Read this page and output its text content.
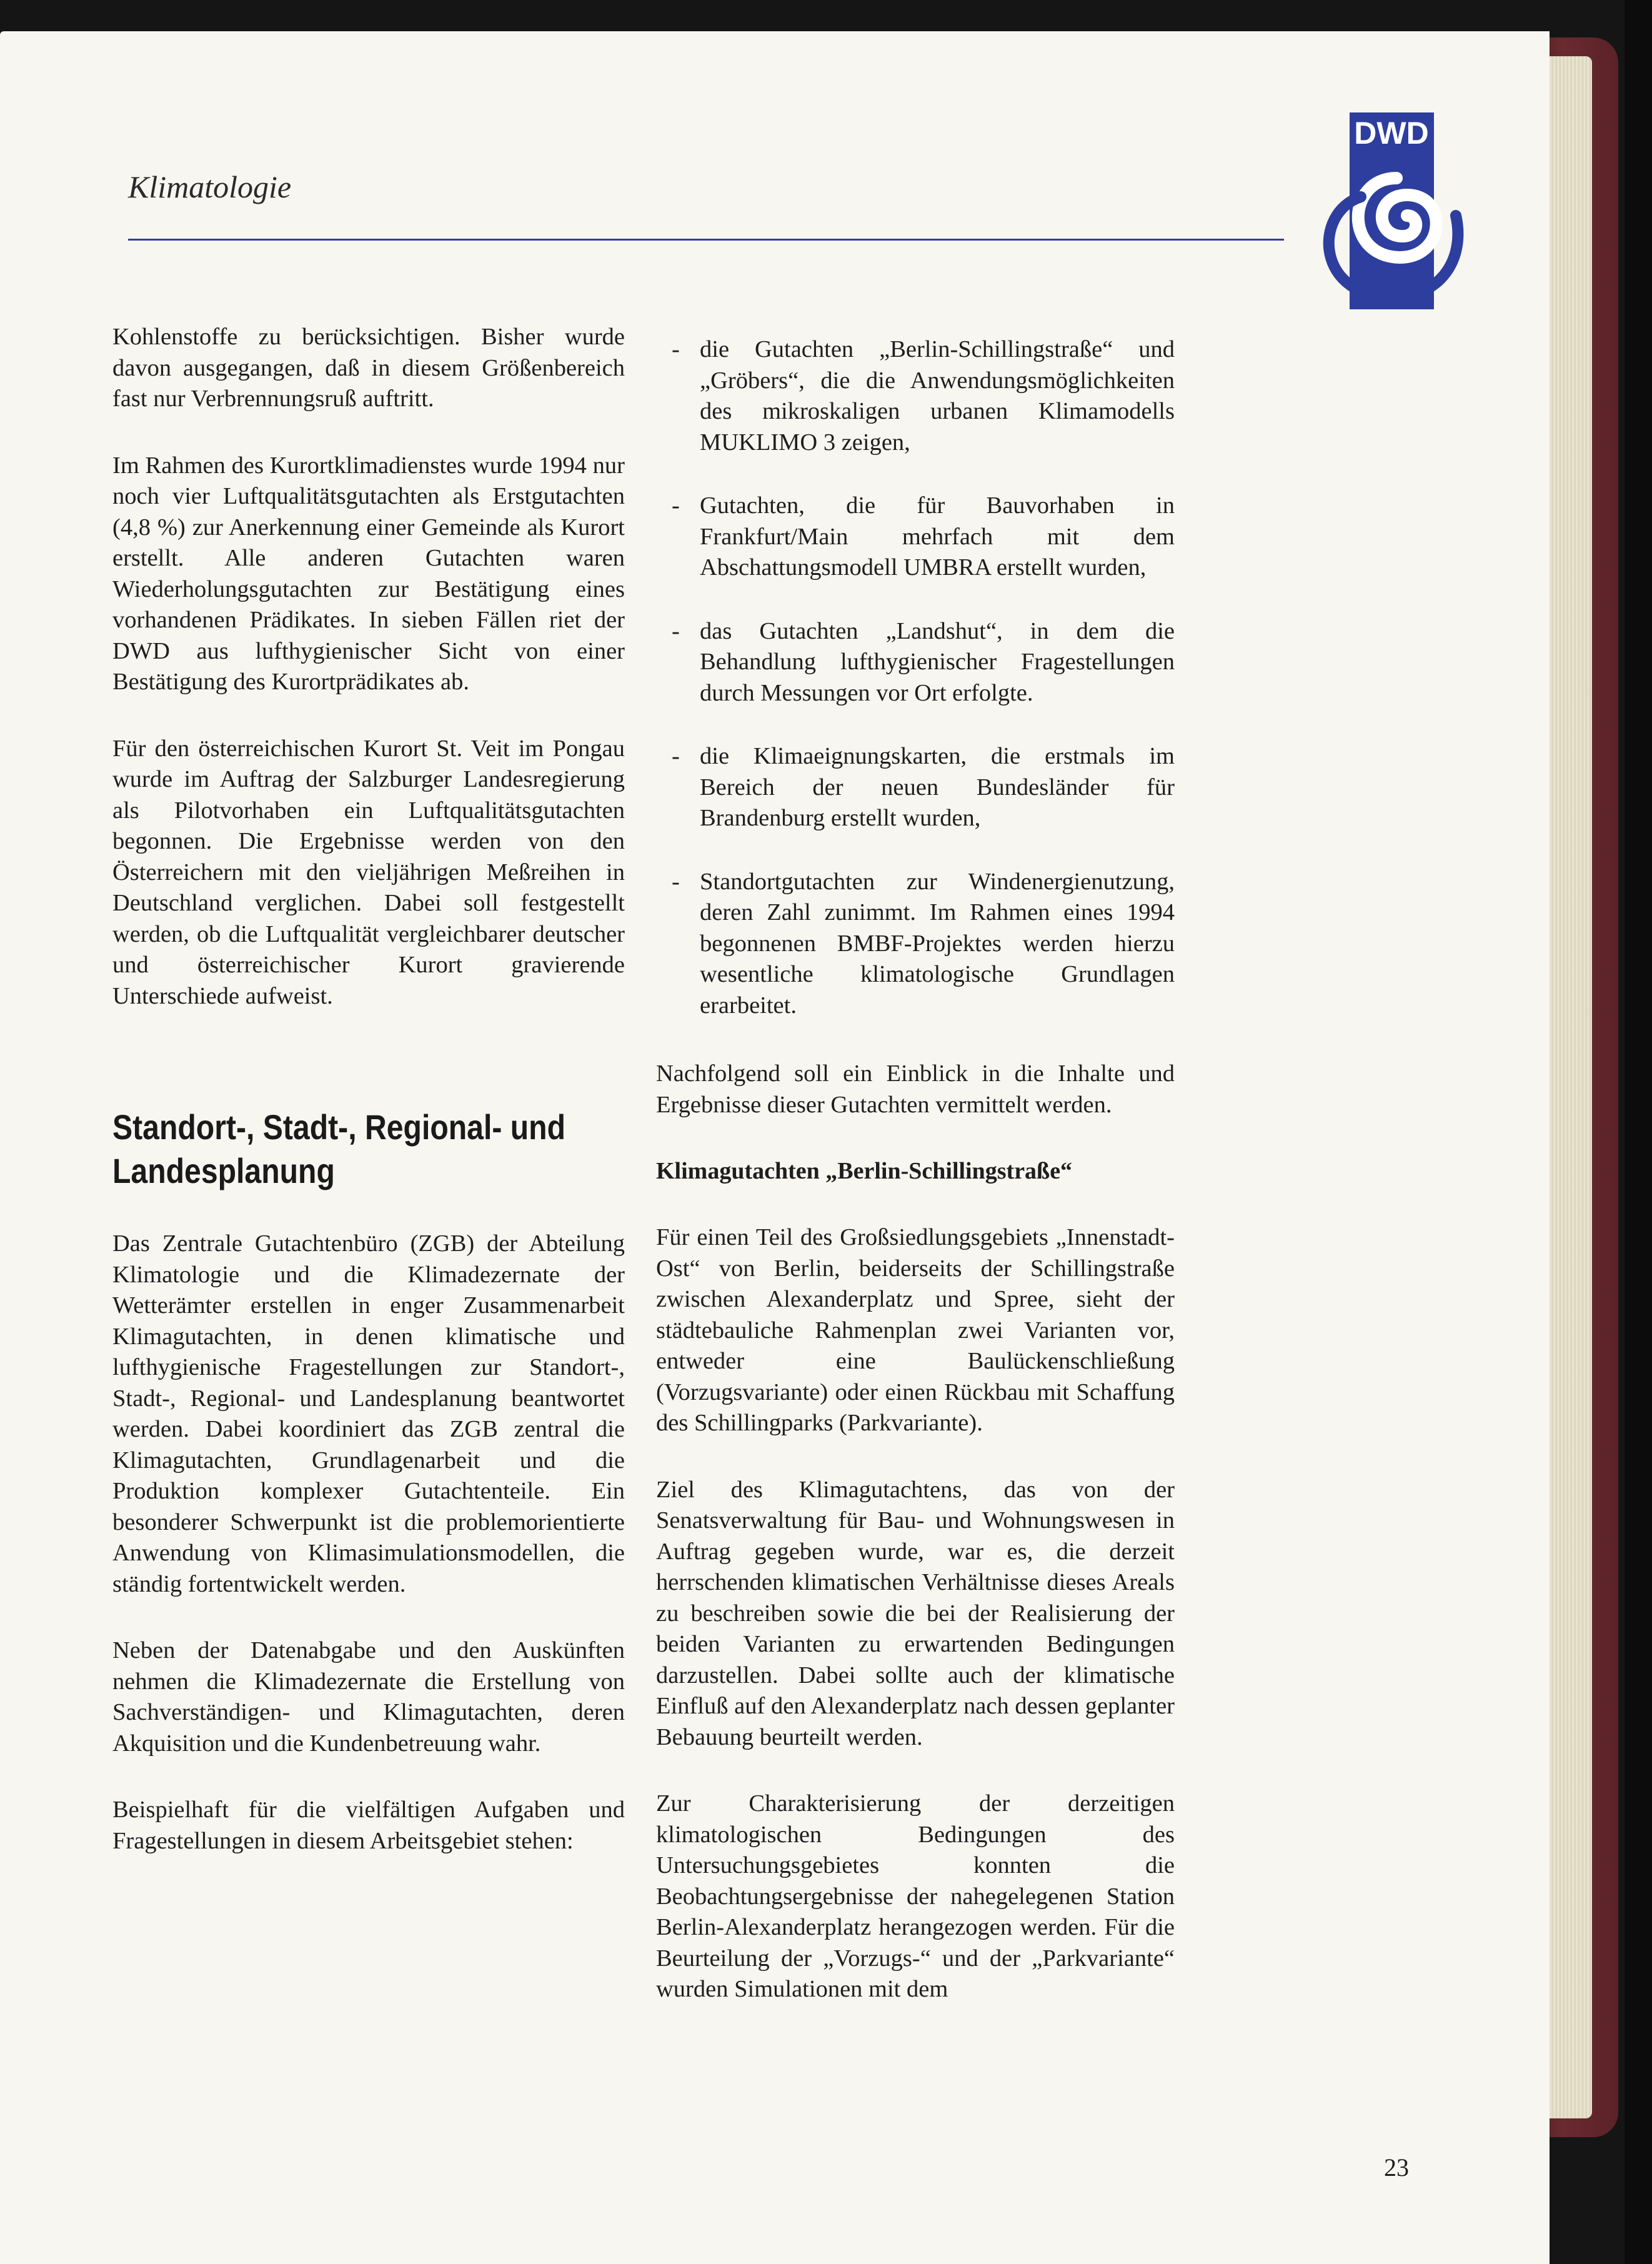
Klimatologie
DWD

Kohlenstoffe zu berücksichtigen. Bisher wurde davon ausgegangen, daß in diesem Größenbereich fast nur Verbrennungsruß auftritt.

Im Rahmen des Kurortklimadienstes wurde 1994 nur noch vier Luftqualitätsgutachten als Erstgutachten (4,8 %) zur Anerkennung einer Gemeinde als Kurort erstellt. Alle anderen Gutachten waren Wiederholungsgutachten zur Bestätigung eines vorhandenen Prädikates. In sieben Fällen riet der DWD aus lufthygienischer Sicht von einer Bestätigung des Kurortprädikates ab.

Für den österreichischen Kurort St. Veit im Pongau wurde im Auftrag der Salzburger Landesregierung als Pilotvorhaben ein Luftqualitätsgutachten begonnen. Die Ergebnisse werden von den Österreichern mit den vieljährigen Meßreihen in Deutschland verglichen. Dabei soll festgestellt werden, ob die Luftqualität vergleichbarer deutscher und österreichischer Kurort gravierende Unterschiede aufweist.

Standort-, Stadt-, Regional- und Landesplanung

Das Zentrale Gutachtenbüro (ZGB) der Abteilung Klimatologie und die Klimadezernate der Wetterämter erstellen in enger Zusammenarbeit Klimagutachten, in denen klimatische und lufthygienische Fragestellungen zur Standort-, Stadt-, Regional- und Landesplanung beantwortet werden. Dabei koordiniert das ZGB zentral die Klimagutachten, Grundlagenarbeit und die Produktion komplexer Gutachtenteile. Ein besonderer Schwerpunkt ist die problemorientierte Anwendung von Klimasimulationsmodellen, die ständig fortentwickelt werden.

Neben der Datenabgabe und den Auskünften nehmen die Klimadezernate die Erstellung von Sachverständigen- und Klimagutachten, deren Akquisition und die Kundenbetreuung wahr.

Beispielhaft für die vielfältigen Aufgaben und Fragestellungen in diesem Arbeitsgebiet stehen:

- die Gutachten „Berlin-Schillingstraße“ und „Gröbers“, die die Anwendungsmöglichkeiten des mikroskaligen urbanen Klimamodells MUKLIMO 3 zeigen,
- Gutachten, die für Bauvorhaben in Frankfurt/Main mehrfach mit dem Abschattungsmodell UMBRA erstellt wurden,
- das Gutachten „Landshut“, in dem die Behandlung lufthygienischer Fragestellungen durch Messungen vor Ort erfolgte.
- die Klimaeignungskarten, die erstmals im Bereich der neuen Bundesländer für Brandenburg erstellt wurden,
- Standortgutachten zur Windenergienutzung, deren Zahl zunimmt. Im Rahmen eines 1994 begonnenen BMBF-Projektes werden hierzu wesentliche klimatologische Grundlagen erarbeitet.

Nachfolgend soll ein Einblick in die Inhalte und Ergebnisse dieser Gutachten vermittelt werden.

Klimagutachten „Berlin-Schillingstraße“

Für einen Teil des Großsiedlungsgebiets „Innenstadt-Ost“ von Berlin, beiderseits der Schillingstraße zwischen Alexanderplatz und Spree, sieht der städtebauliche Rahmenplan zwei Varianten vor, entweder eine Baulückenschließung (Vorzugsvariante) oder einen Rückbau mit Schaffung des Schillingparks (Parkvariante).

Ziel des Klimagutachtens, das von der Senatsverwaltung für Bau- und Wohnungswesen in Auftrag gegeben wurde, war es, die derzeit herrschenden klimatischen Verhältnisse dieses Areals zu beschreiben sowie die bei der Realisierung der beiden Varianten zu erwartenden Bedingungen darzustellen. Dabei sollte auch der klimatische Einfluß auf den Alexanderplatz nach dessen geplanter Bebauung beurteilt werden.

Zur Charakterisierung der derzeitigen klimatologischen Bedingungen des Untersuchungsgebietes konnten die Beobachtungsergebnisse der nahegelegenen Station Berlin-Alexanderplatz herangezogen werden. Für die Beurteilung der „Vorzugs-“ und der „Parkvariante“ wurden Simulationen mit dem

23
